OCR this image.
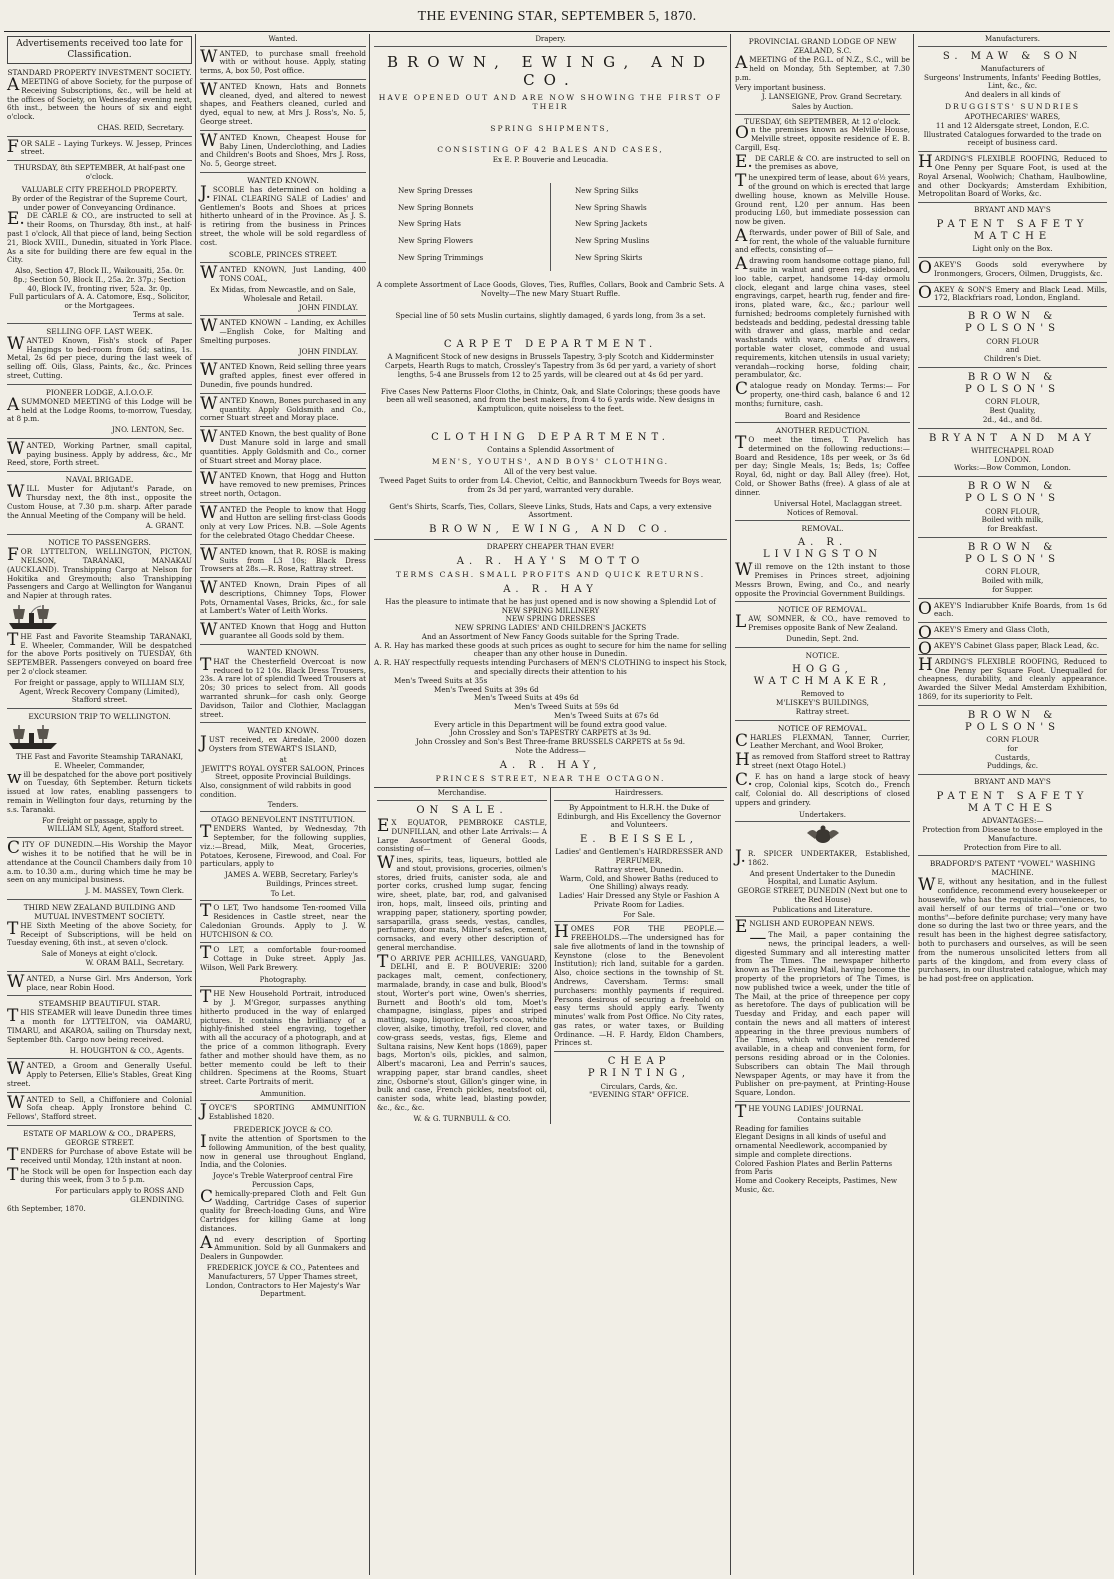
THE EVENING STAR, SEPTEMBER 5, 1870.
Advertisements received too late for Classification.
STANDARD PROPERTY INVESTMENT SOCIETY.
AMEETING of above Society, for the purpose of Receiving Subscriptions, &c., will be held at the offices of Society, on Wednesday evening next, 6th inst., between the hours of six and eight o'clock.
CHAS. REID, Secretary.
FOR SALE – Laying Turkeys. W. Jessep, Princes street.
THURSDAY, 8th SEPTEMBER, At half-past one o'clock.
VALUABLE CITY FREEHOLD PROPERTY.
By order of the Registrar of the Supreme Court, under power of Conveyancing Ordinance.
E.DE CARLE & CO., are instructed to sell at their Rooms, on Thursday, 8th inst., at half-past 1 o'clock, All that piece of land, being Section 21, Block XVIII., Dunedin, situated in York Place. As a site for building there are few equal in the City.
Also, Section 47, Block II., Waikouaiti, 25a. 0r. 8p.; Section 50, Block II., 25a. 2r. 37p.; Section 40, Block IV., fronting river, 52a. 3r. 0p.
Full particulars of A. A. Catomore, Esq., Solicitor, or the Mortgagees.
Terms at sale.
SELLING OFF. LAST WEEK.
WANTED Known, Fish's stock of Paper Hangings to bed-room from 6d; satins, 1s. Metal, 2s 6d per piece, during the last week of selling off. Oils, Glass, Paints, &c., &c. Princes street, Cutting.
PIONEER LODGE, A.I.O.O.F.
ASUMMONED MEETING of this Lodge will be held at the Lodge Rooms, to-morrow, Tuesday, at 8 p.m.
JNO. LENTON, Sec.
WANTED, Working Partner, small capital, paying business. Apply by address, &c., Mr Reed, store, Forth street.
NAVAL BRIGADE.
WILL Muster for Adjutant's Parade, on Thursday next, the 8th inst., opposite the Custom House, at 7.30 p.m. sharp. After parade the Annual Meeting of the Company will be held.
A. GRANT.
NOTICE TO PASSENGERS.
FOR LYTTELTON, WELLINGTON, PICTON, NELSON, TARANAKI, MANAKAU (AUCKLAND). Transhipping Cargo at Nelson for Hokitika and Greymouth; also Transhipping Passengers and Cargo at Wellington for Wanganui and Napier at through rates.
THE Fast and Favorite Steamship TARANAKI, E. Wheeler, Commander, Will be despatched for the above Ports positively on TUESDAY, 6th SEPTEMBER. Passengers conveyed on board free per 2 o'clock steamer.
For freight or passage, apply to WILLIAM SLY, Agent, Wreck Recovery Company (Limited), Stafford street.
EXCURSION TRIP TO WELLINGTON.
THE Fast and Favorite Steamship TARANAKI,
E. Wheeler, Commander,
will be despatched for the above port positively on Tuesday, 6th September. Return tickets issued at low rates, enabling passengers to remain in Wellington four days, returning by the s.s. Taranaki.
For freight or passage, apply to
WILLIAM SLY, Agent, Stafford street.
CITY OF DUNEDIN.—His Worship the Mayor wishes it to be notified that he will be in attendance at the Council Chambers daily from 10 a.m. to 10.30 a.m., during which time he may be seen on any municipal business.
J. M. MASSEY, Town Clerk.
THIRD NEW ZEALAND BUILDING AND MUTUAL INVESTMENT SOCIETY.
THE Sixth Meeting of the above Society, for Receipt of Subscriptions, will be held on Tuesday evening, 6th inst., at seven o'clock.
Sale of Moneys at eight o'clock.
W. ORAM BALL, Secretary.
WANTED, a Nurse Girl. Mrs Anderson, York place, near Robin Hood.
STEAMSHIP BEAUTIFUL STAR.
THIS STEAMER will leave Dunedin three times a month for LYTTELTON, via OAMARU, TIMARU, and AKAROA, sailing on Thursday next, September 8th. Cargo now being received.
H. HOUGHTON & CO., Agents.
WANTED, a Groom and Generally Useful. Apply to Petersen, Ellie's Stables, Great King street.
WANTED to Sell, a Chiffoniere and Colonial Sofa cheap. Apply Ironstore behind C. Fellows', Stafford street.
ESTATE OF MARLOW & CO., DRAPERS, GEORGE STREET.
TENDERS for Purchase of above Estate will be received until Monday, 12th instant at noon.
The Stock will be open for Inspection each day during this week, from 3 to 5 p.m.
For particulars apply to ROSS AND GLENDINING.
6th September, 1870.
Wanted.
WANTED, to purchase small freehold with or without house. Apply, stating terms, A, box 50, Post office.
WANTED Known, Hats and Bonnets cleaned, dyed, and altered to newest shapes, and Feathers cleaned, curled and dyed, equal to new, at Mrs J. Ross's, No. 5, George street.
WANTED Known, Cheapest House for Baby Linen, Underclothing, and Ladies and Children's Boots and Shoes, Mrs J. Ross, No. 5, George street.
WANTED KNOWN.
J.SCOBLE has determined on holding a FINAL CLEARING SALE of Ladies' and Gentlemen's Boots and Shoes at prices hitherto unheard of in the Province. As J. S. is retiring from the business in Princes street, the whole will be sold regardless of cost.
SCOBLE, PRINCES STREET.
WANTED KNOWN, Just Landing, 400 TONS COAL,
Ex Midas, from Newcastle, and on Sale, Wholesale and Retail.
JOHN FINDLAY.
WANTED KNOWN – Landing, ex Achilles—English Coke, for Malting and Smelting purposes.
JOHN FINDLAY.
WANTED Known, Reid selling three years grafted apples, finest ever offered in Dunedin, five pounds hundred.
WANTED Known, Bones purchased in any quantity. Apply Goldsmith and Co., corner Stuart street and Moray place.
WANTED Known, the best quality of Bone Dust Manure sold in large and small quantities. Apply Goldsmith and Co., corner of Stuart street and Moray place.
WANTED Known, that Hogg and Hutton have removed to new premises, Princes street north, Octagon.
WANTED the People to know that Hogg and Hutton are selling first-class Goods only at very Low Prices. N.B. —Sole Agents for the celebrated Otago Cheddar Cheese.
WANTED known, that R. ROSE is making Suits from L3 10s; Black Dress Trowsers at 28s.—R. Rose, Rattray street.
WANTED Known, Drain Pipes of all descriptions, Chimney Tops, Flower Pots, Ornamental Vases, Bricks, &c., for sale at Lambert's Water of Leith Works.
WANTED Known that Hogg and Hutton guarantee all Goods sold by them.
WANTED KNOWN.
THAT the Chesterfield Overcoat is now reduced to 12 10s. Black Dress Trousers, 23s. A rare lot of splendid Tweed Trousers at 20s; 30 prices to select from. All goods warranted shrunk—for cash only. George Davidson, Tailor and Clothier, Maclaggan street.
WANTED KNOWN.
JUST received, ex Airedale, 2000 dozen Oysters from STEWART'S ISLAND,
at
JEWITT'S ROYAL OYSTER SALOON, Princes Street, opposite Provincial Buildings.
Also, consignment of wild rabbits in good condition.
Tenders.
OTAGO BENEVOLENT INSTITUTION.
TENDERS Wanted, by Wednesday, 7th September, for the following supplies, viz.:—Bread, Milk, Meat, Groceries, Potatoes, Kerosene, Firewood, and Coal. For particulars, apply to
JAMES A. WEBB, Secretary, Farley's Buildings, Princes street.
To Let.
TO LET, Two handsome Ten-roomed Villa Residences in Castle street, near the Caledonian Grounds. Apply to J. W. HUTCHISON & CO.
TO LET, a comfortable four-roomed Cottage in Duke street. Apply Jas. Wilson, Well Park Brewery.
Photography.
THE New Household Portrait, introduced by J. M'Gregor, surpasses anything hitherto produced in the way of enlarged pictures. It contains the brilliancy of a highly-finished steel engraving, together with all the accuracy of a photograph, and at the price of a common lithograph. Every father and mother should have them, as no better memento could be left to their children. Specimens at the Rooms, Stuart street. Carte Portraits of merit.
Ammunition.
JOYCE'S SPORTING AMMUNITION Established 1820.
FREDERICK JOYCE & CO.
Invite the attention of Sportsmen to the following Ammunition, of the best quality, now in general use throughout England, India, and the Colonies.
Joyce's Treble Waterproof central Fire Percussion Caps,
Chemically-prepared Cloth and Felt Gun Wadding, Cartridge Cases of superior quality for Breech-loading Guns, and Wire Cartridges for killing Game at long distances.
And every description of Sporting Ammunition. Sold by all Gunmakers and Dealers in Gunpowder.
FREDERICK JOYCE & CO., Patentees and Manufacturers, 57 Upper Thames street, London, Contractors to Her Majesty's War Department.
Drapery.
BROWN, EWING, AND CO.
HAVE OPENED OUT AND ARE NOW SHOWING THE FIRST OF THEIR
SPRING SHIPMENTS,
CONSISTING OF 42 BALES AND CASES,
Ex E. P. Bouverie and Leucadia.
New Spring Dresses
New Spring Bonnets
New Spring Hats
New Spring Flowers
New Spring Trimmings
New Spring Silks
New Spring Shawls
New Spring Jackets
New Spring Muslins
New Spring Skirts
A complete Assortment of Lace Goods, Gloves, Ties, Ruffles, Collars, Book and Cambric Sets. A Novelty—The new Mary Stuart Ruffle.
Special line of 50 sets Muslin curtains, slightly damaged, 6 yards long, from 3s a set.
CARPET DEPARTMENT.
A Magnificent Stock of new designs in Brussels Tapestry, 3-ply Scotch and Kidderminster Carpets, Hearth Rugs to match, Crossley's Tapestry from 3s 6d per yard, a variety of short lengths, 5-4 ane Brussels from 12 to 25 yards, will be cleared out at 4s 6d per yard.
Five Cases New Patterns Floor Cloths, in Chintz, Oak, and Slate Colorings; these goods have been all well seasoned, and from the best makers, from 4 to 6 yards wide. New designs in Kamptulicon, quite noiseless to the feet.
CLOTHING DEPARTMENT.
Contains a Splendid Assortment of
MEN'S, YOUTHS', AND BOYS' CLOTHING.
All of the very best value.
Tweed Paget Suits to order from L4. Cheviot, Celtic, and Bannockburn Tweeds for Boys wear, from 2s 3d per yard, warranted very durable.
Gent's Shirts, Scarfs, Ties, Collars, Sleeve Links, Studs, Hats and Caps, a very extensive Assortment.
BROWN, EWING, AND CO.
DRAPERY CHEAPER THAN EVER!
A. R. HAY'S MOTTO
TERMS CASH. SMALL PROFITS AND QUICK RETURNS.
A. R. HAY
Has the pleasure to intimate that he has just opened and is now showing a Splendid Lot of
NEW SPRING MILLINERY
NEW SPRING DRESSES
NEW SPRING LADIES' AND CHILDREN'S JACKETS
And an Assortment of New Fancy Goods suitable for the Spring Trade.
A. R. Hay has marked these goods at such prices as ought to secure for him the name for selling cheaper than any other house in Dunedin.
A. R. HAY respectfully requests intending Purchasers of MEN'S CLOTHING to inspect his Stock, and specially directs their attention to his
Men's Tweed Suits at 35s
Men's Tweed Suits at 39s 6d
Men's Tweed Suits at 49s 6d
Men's Tweed Suits at 59s 6d
Men's Tweed Suits at 67s 6d
Every article in this Department will be found extra good value.
John Crossley and Son's TAPESTRY CARPETS at 3s 9d.
John Crossley and Son's Best Three-frame BRUSSELS CARPETS at 5s 9d.
Note the Address—
A. R. HAY,
PRINCES STREET, NEAR THE OCTAGON.
Merchandise.
ON SALE.
EX EQUATOR, PEMBROKE CASTLE, DUNFILLAN, and other Late Arrivals:— A Large Assortment of General Goods, consisting of—
Wines, spirits, teas, liqueurs, bottled ale and stout, provisions, groceries, oilmen's stores, dried fruits, canister soda, ale and porter corks, crushed lump sugar, fencing wire, sheet, plate, bar, rod, and galvanised iron, hops, malt, linseed oils, printing and wrapping paper, stationery, sporting powder, sarsaparilla, grass seeds, vestas, candles, perfumery, door mats, Milner's safes, cement, cornsacks, and every other description of general merchandise.
TO ARRIVE PER ACHILLES, VANGUARD, DELHI, and E. P. BOUVERIE: 3200 packages malt, cement, confectionery, marmalade, brandy, in case and bulk, Blood's stout, Worter's port wine, Owen's sherries, Burnett and Booth's old tom, Moet's champagne, isinglass, pipes and striped matting, sago, liquorice, Taylor's cocoa, white clover, alsike, timothy, trefoil, red clover, and cow-grass seeds, vestas, figs, Eleme and Sultana raisins, New Kent hops (1869), paper bags, Morton's oils, pickles, and salmon, Albert's macaroni, Lea and Perrin's sauces, wrapping paper, star brand candles, sheet zinc, Osborne's stout, Gillon's ginger wine, in bulk and case, French pickles, neatsfoot oil, canister soda, white lead, blasting powder, &c., &c., &c.
W. & G. TURNBULL & CO.
Hairdressers.
By Appointment to H.R.H. the Duke of Edinburgh, and His Excellency the Governor and Volunteers.
E. BEISSEL,
Ladies' and Gentlemen's HAIRDRESSER AND PERFUMER,
Rattray street, Dunedin.
Warm, Cold, and Shower Baths (reduced to One Shilling) always ready.
Ladies' Hair Dressed any Style or Fashion A Private Room for Ladies.
For Sale.
HOMES FOR THE PEOPLE.—FREEHOLDS.—The undersigned has for sale five allotments of land in the township of Keynstone (close to the Benevolent Institution); rich land, suitable for a garden. Also, choice sections in the township of St. Andrews, Caversham. Terms: small purchasers: monthly payments if required. Persons desirous of securing a freehold on easy terms should apply early. Twenty minutes' walk from Post Office. No City rates, gas rates, or water taxes, or Building Ordinance. —H. F. Hardy, Eldon Chambers, Princes st.
CHEAP PRINTING,
Circulars, Cards, &c.
"EVENING STAR" OFFICE.
PROVINCIAL GRAND LODGE OF NEW ZEALAND, S.C.
AMEETING of the P.G.L. of N.Z., S.C., will be held on Monday, 5th September, at 7.30 p.m.
Very important business.
J. LANSEIGNE, Prov. Grand Secretary.
Sales by Auction.
TUESDAY, 6th SEPTEMBER, At 12 o'clock.
On the premises known as Melville House, Melville street, opposite residence of E. B. Cargill, Esq.
E.DE CARLE & CO. are instructed to sell on the premises as above,
The unexpired term of lease, about 6½ years, of the ground on which is erected that large dwelling house, known as Melville House. Ground rent, L20 per annum. Has been producing L60, but immediate possession can now be given.
Afterwards, under power of Bill of Sale, and for rent, the whole of the valuable furniture and effects, consisting of—
Adrawing room handsome cottage piano, full suite in walnut and green rep, sideboard, loo table, carpet, handsome 14-day ormolu clock, elegant and large china vases, steel engravings, carpet, hearth rug, fender and fire-irons, plated ware, &c., &c.; parlour well furnished; bedrooms completely furnished with bedsteads and bedding, pedestal dressing table with drawer and glass, marble and cedar washstands with ware, chests of drawers, portable water closet, commode and usual requirements, kitchen utensils in usual variety; verandah—rocking horse, folding chair, perambulator, &c.
Catalogue ready on Monday. Terms:— For property, one-third cash, balance 6 and 12 months; furniture, cash.
Board and Residence
ANOTHER REDUCTION.
TO meet the times, T. Pavelich has determined on the following reductions:— Board and Residence, 18s per week, or 3s 6d per day; Single Meals, 1s; Beds, 1s; Coffee Royal, 6d, night or day. Ball Alley (free). Hot, Cold, or Shower Baths (free). A glass of ale at dinner.
Universal Hotel, Maclaggan street.
Notices of Removal.
REMOVAL.
A. R. LIVINGSTON
Will remove on the 12th instant to those Premises in Princes street, adjoining Messrs Brown, Ewing, and Co., and nearly opposite the Provincial Government Buildings.
NOTICE OF REMOVAL.
LAW, SOMNER, & CO., have removed to Premises opposite Bank of New Zealand.
Dunedin, Sept. 2nd.
NOTICE.
HOGG, WATCHMAKER,
Removed to
M'LISKEY'S BUILDINGS,
Rattray street.
NOTICE OF REMOVAL.
CHARLES FLEXMAN, Tanner, Currier, Leather Merchant, and Wool Broker,
Has removed from Stafford street to Rattray street (next Otago Hotel.)
C.F. has on hand a large stock of heavy crop, Colonial kips, Scotch do., French calf, Colonial do. All descriptions of closed uppers and grindery.
Undertakers.
J.R. SPICER UNDERTAKER, Established, 1862.
And present Undertaker to the Dunedin Hospital, and Lunatic Asylum.
GEORGE STREET, DUNEDIN (Next but one to the Red House)
Publications and Literature.
ENGLISH AND EUROPEAN NEWS.
—The Mail, a paper containing the news, the principal leaders, a well-digested Summary and all interesting matter from The Times. The newspaper hitherto known as The Evening Mail, having become the property of the proprietors of The Times, is now published twice a week, under the title of The Mail, at the price of threepence per copy as heretofore. The days of publication will be Tuesday and Friday, and each paper will contain the news and all matters of interest appearing in the three previous numbers of The Times, which will thus be rendered available, in a cheap and convenient form, for persons residing abroad or in the Colonies. Subscribers can obtain The Mail through Newspaper Agents, or may have it from the Publisher on pre-payment, at Printing-House Square, London.
THE YOUNG LADIES' JOURNAL
Contains suitable
Reading for families
Elegant Designs in all kinds of useful and ornamental Needlework, accompanied by simple and complete directions.
Colored Fashion Plates and Berlin Patterns from Paris
Home and Cookery Receipts, Pastimes, New Music, &c.
Manufacturers.
S. MAW & SON
Manufacturers of
Surgeons' Instruments, Infants' Feeding Bottles, Lint, &c., &c.
And dealers in all kinds of
DRUGGISTS' SUNDRIES
APOTHECARIES' WARES,
11 and 12 Aldersgate street, London, E.C.
Illustrated Catalogues forwarded to the trade on receipt of business card.
HARDING'S FLEXIBLE ROOFING, Reduced to One Penny per Square Foot, is used at the Royal Arsenal, Woolwich; Chatham, Haulbowline, and other Dockyards; Amsterdam Exhibition, Metropolitan Board of Works, &c.
BRYANT AND MAY'S
PATENT SAFETY MATCHE
Light only on the Box.
OAKEY'S Goods sold everywhere by Ironmongers, Grocers, Oilmen, Druggists, &c.
OAKEY & SON'S Emery and Black Lead. Mills, 172, Blackfriars road, London, England.
BROWN & POLSON'S
CORN FLOUR
and
Children's Diet.
BROWN & POLSON'S
CORN FLOUR,
Best Quality,
2d., 4d., and 8d.
BRYANT AND MAY
WHITECHAPEL ROAD
LONDON.
Works:—Bow Common, London.
BROWN & POLSON'S
CORN FLOUR,
Boiled with milk,
for Breakfast.
BROWN & POLSON'S
CORN FLOUR,
Boiled with milk,
for Supper.
OAKEY'S Indiarubber Knife Boards, from 1s 6d each.
OAKEY'S Emery and Glass Cloth,
OAKEY'S Cabinet Glass paper, Black Lead, &c.
HARDING'S FLEXIBLE ROOFING, Reduced to One Penny per Square Foot. Unequalled for cheapness, durability, and cleanly appearance. Awarded the Silver Medal Amsterdam Exhibition, 1869, for its superiority to Felt.
BROWN & POLSON'S
CORN FLOUR
for
Custards,
Puddings, &c.
BRYANT AND MAY'S
PATENT SAFETY MATCHES
ADVANTAGES:—
Protection from Disease to those employed in the Manufacture.
Protection from Fire to all.
BRADFORD'S PATENT "VOWEL" WASHING MACHINE.
WE, without any hesitation, and in the fullest confidence, recommend every housekeeper or housewife, who has the requisite conveniences, to avail herself of our terms of trial—"one or two months"—before definite purchase; very many have done so during the last two or three years, and the result has been in the highest degree satisfactory, both to purchasers and ourselves, as will be seen from the numerous unsolicited letters from all parts of the kingdom, and from every class of purchasers, in our illustrated catalogue, which may be had post-free on application.
